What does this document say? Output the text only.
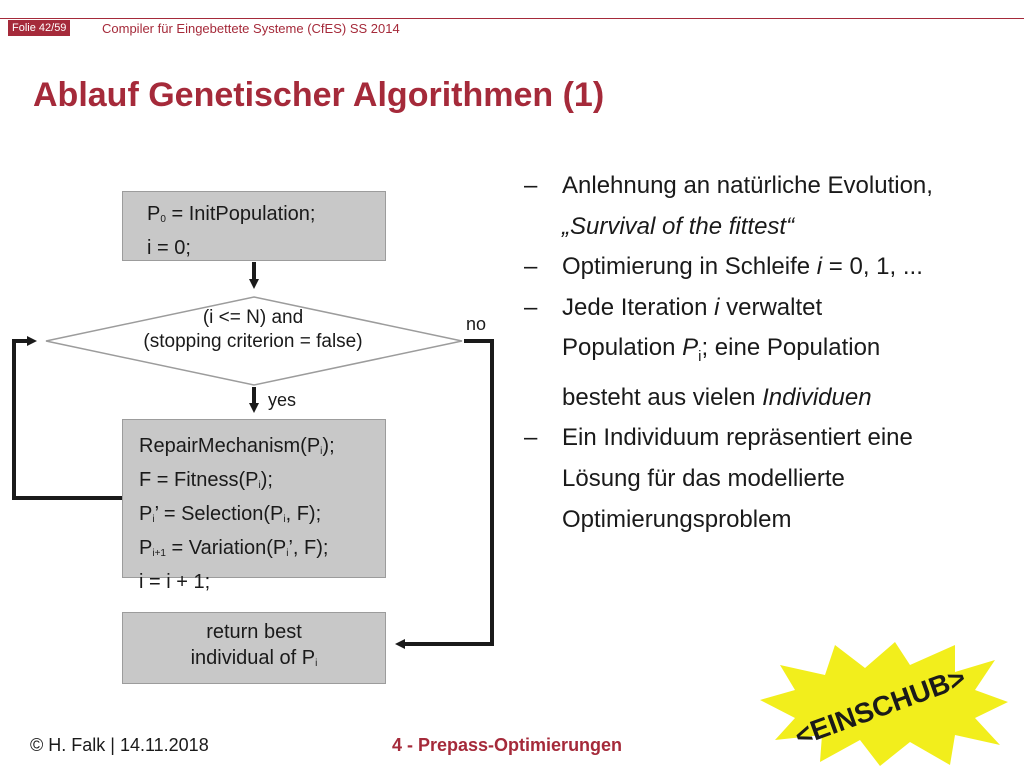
Folie 42/59	Compiler für Eingebettete Systeme (CfES) SS 2014
Ablauf Genetischer Algorithmen (1)
$P_0$ = InitPopulation;
i = 0;
(i <= N) and
(stopping criterion = false)
no
yes
$RepairMechanism(P_i)$;
$F = Fitness(P_i)$;
$P_i$’ = $Selection(P_i$, F);
$P_{i+1}$ = $Variation(P_i$’, F);
i = i + 1;
return best
individual of $P_i$
– Anlehnung an natürliche Evolution,
„Survival of the fittest“
– Optimierung in Schleife i = 0, 1, ...
– Jede Iteration i verwaltet
Population $P_i$; eine Population
besteht aus vielen Individuen
– Ein Individuum repräsentiert eine
Lösung für das modellierte
Optimierungsproblem
<EINSCHUB>
© H. Falk | 14.11.2018	4 - Prepass-Optimierungen
